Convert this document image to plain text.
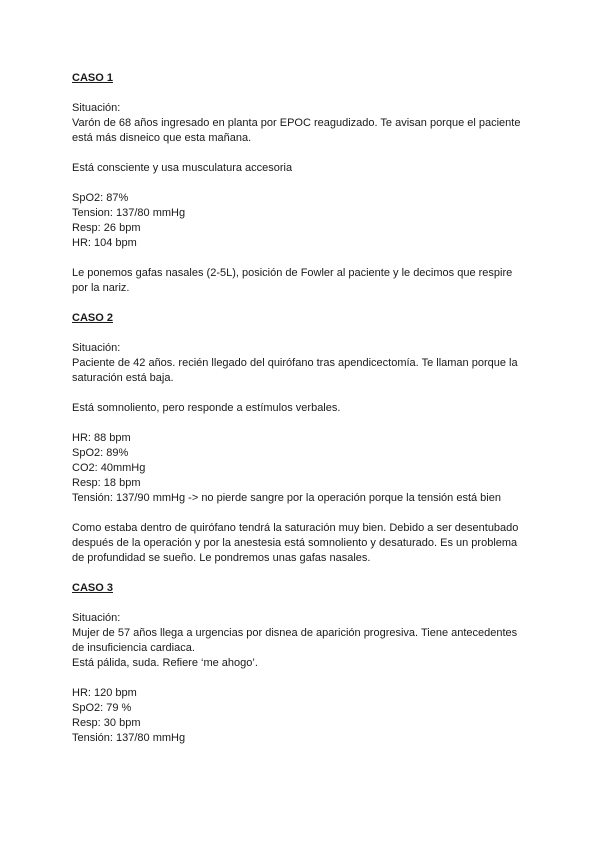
CASO 1

Situación:

Varón de 68 años ingresado en planta por EPOC reagudizado. Te avisan porque el paciente

está más disneico que esta mañana.

Está consciente y usa musculatura accesoria

SpO2: 87%

Tension: 137/80 mmHg

Resp: 26 bpm

HR: 104 bpm

Le ponemos gafas nasales (2-5L), posición de Fowler al paciente y le decimos que respire

por la nariz.

CASO 2

Situación:

Paciente de 42 años. recién llegado del quirófano tras apendicectomía. Te llaman porque la

saturación está baja.

Está somnoliento, pero responde a estímulos verbales.

HR: 88 bpm

SpO2: 89%

CO2: 40mmHg

Resp: 18 bpm

Tensión: 137/90 mmHg -> no pierde sangre por la operación porque la tensión está bien

Como estaba dentro de quirófano tendrá la saturación muy bien. Debido a ser desentubado

después de la operación y por la anestesia está somnoliento y desaturado. Es un problema

de profundidad se sueño. Le pondremos unas gafas nasales.

CASO 3

Situación:

Mujer de 57 años llega a urgencias por disnea de aparición progresiva. Tiene antecedentes

de insuficiencia cardiaca.

Está pálida, suda. Refiere ‘me ahogo’.

HR: 120 bpm

SpO2: 79 %

Resp: 30 bpm

Tensión: 137/80 mmHg
